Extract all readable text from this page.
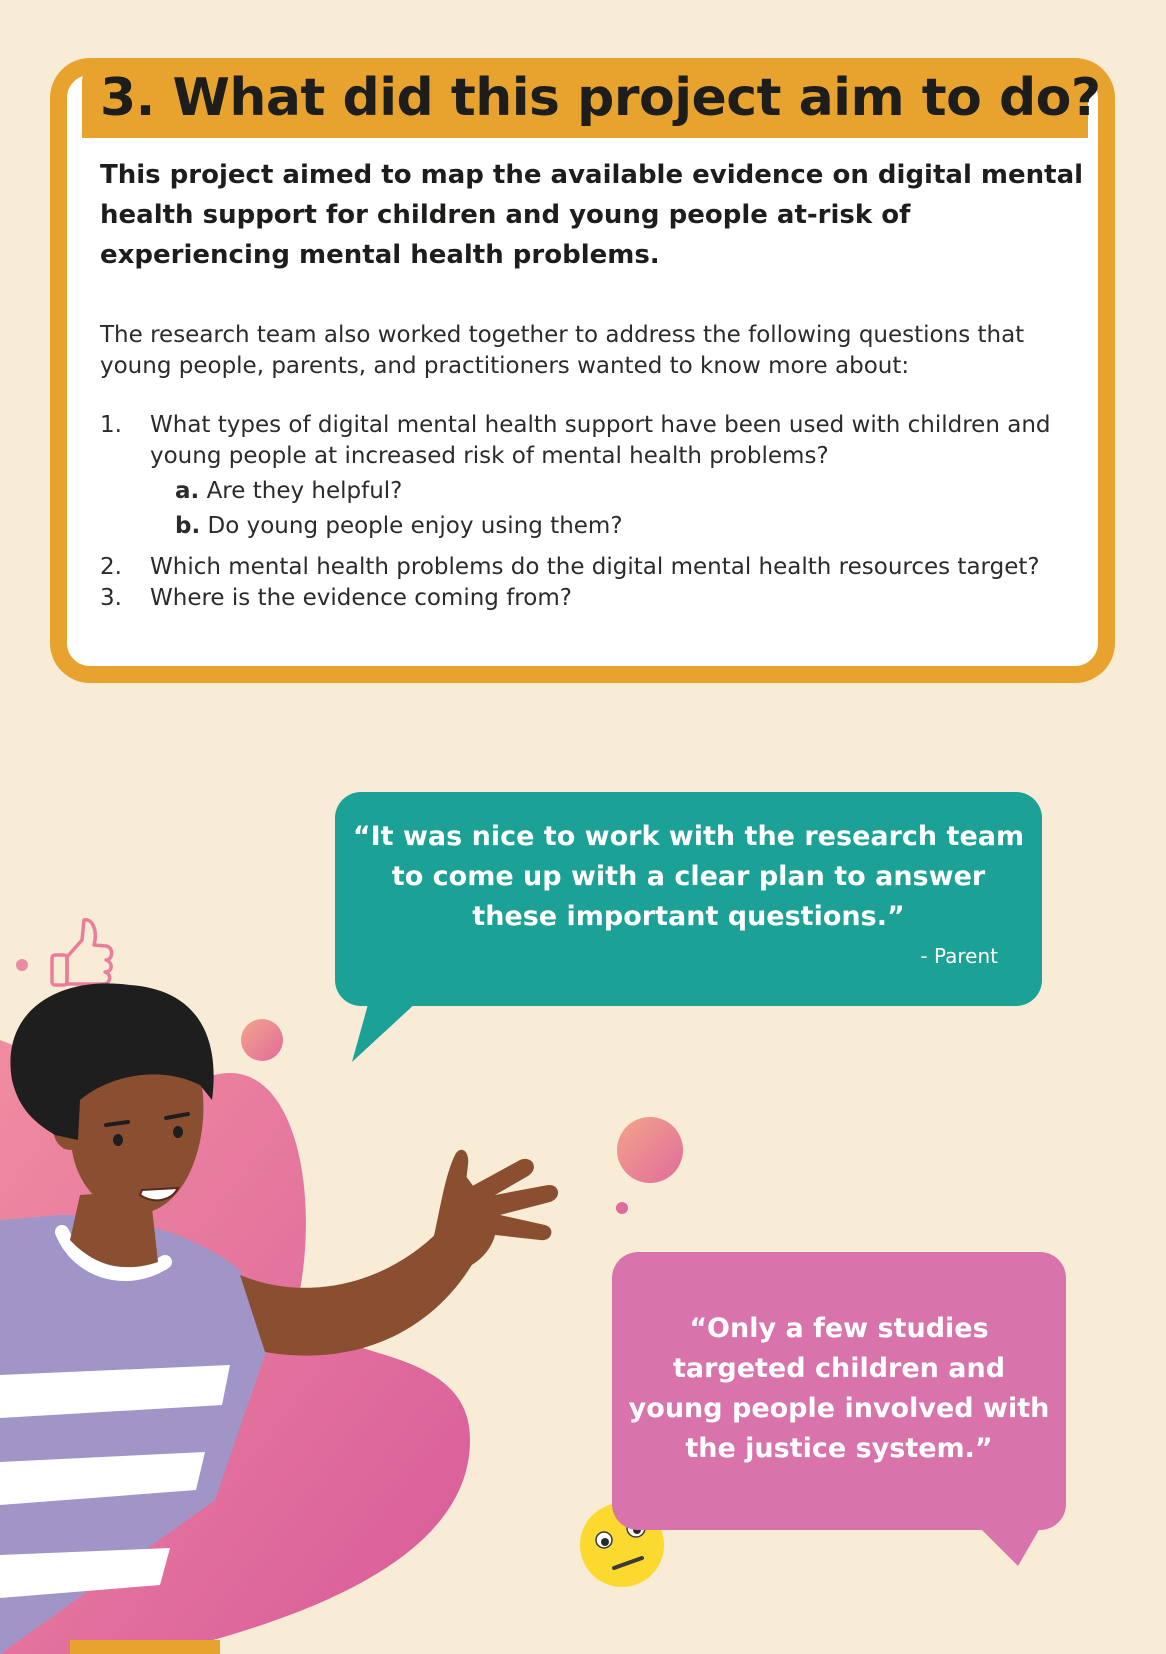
3. What did this project aim to do?

This project aimed to map the available evidence on digital mental health support for children and young people at-risk of experiencing mental health problems.

The research team also worked together to address the following questions that young people, parents, and practitioners wanted to know more about:

1. What types of digital mental health support have been used with children and young people at increased risk of mental health problems?
a. Are they helpful?
b. Do young people enjoy using them?
2. Which mental health problems do the digital mental health resources target?
3. Where is the evidence coming from?

“It was nice to work with the research team to come up with a clear plan to answer these important questions.”

- Parent

“Only a few studies targeted children and young people involved with the justice system.”
